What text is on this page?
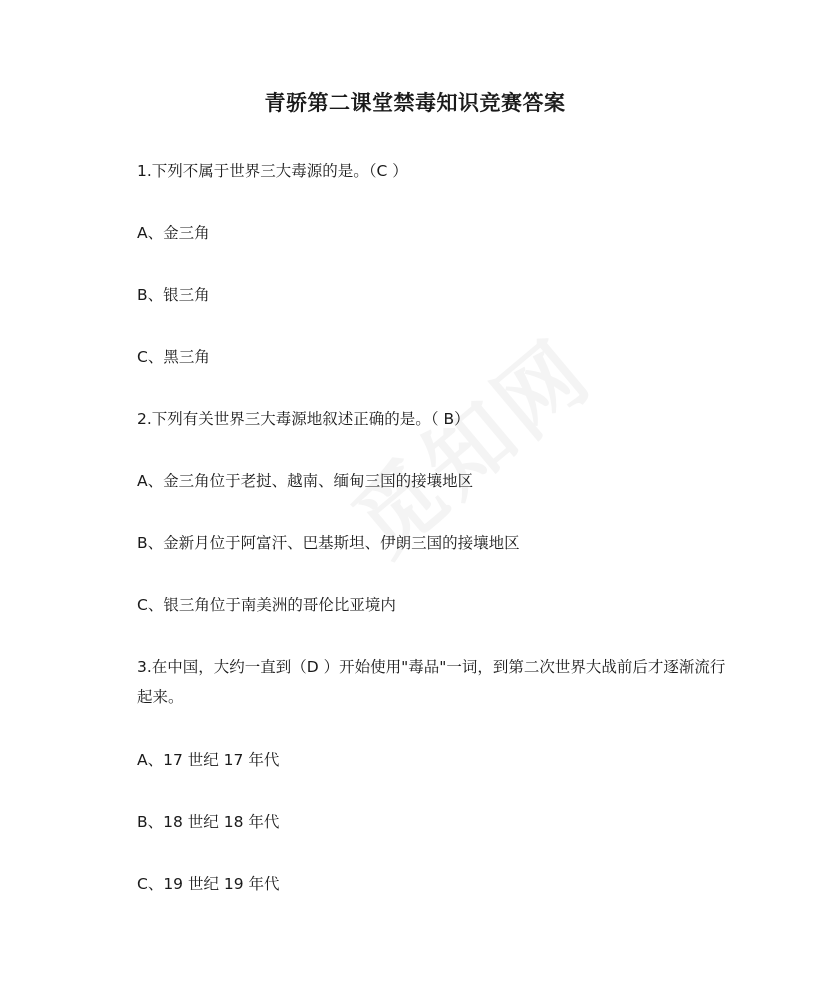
青骄第二课堂禁毒知识竞赛答案
1.下列不属于世界三大毒源的是。（C ）
A、金三角
B、银三角
C、黑三角
2.下列有关世界三大毒源地叙述正确的是。（ B）
A、金三角位于老挝、越南、缅甸三国的接壤地区
B、金新月位于阿富汗、巴基斯坦、伊朗三国的接壤地区
C、银三角位于南美洲的哥伦比亚境内
3.在中国，大约一直到（D ）开始使用"毒品"一词，到第二次世界大战前后才逐渐流行起来。
A、17 世纪 17 年代
B、18 世纪 18 年代
C、19 世纪 19 年代
